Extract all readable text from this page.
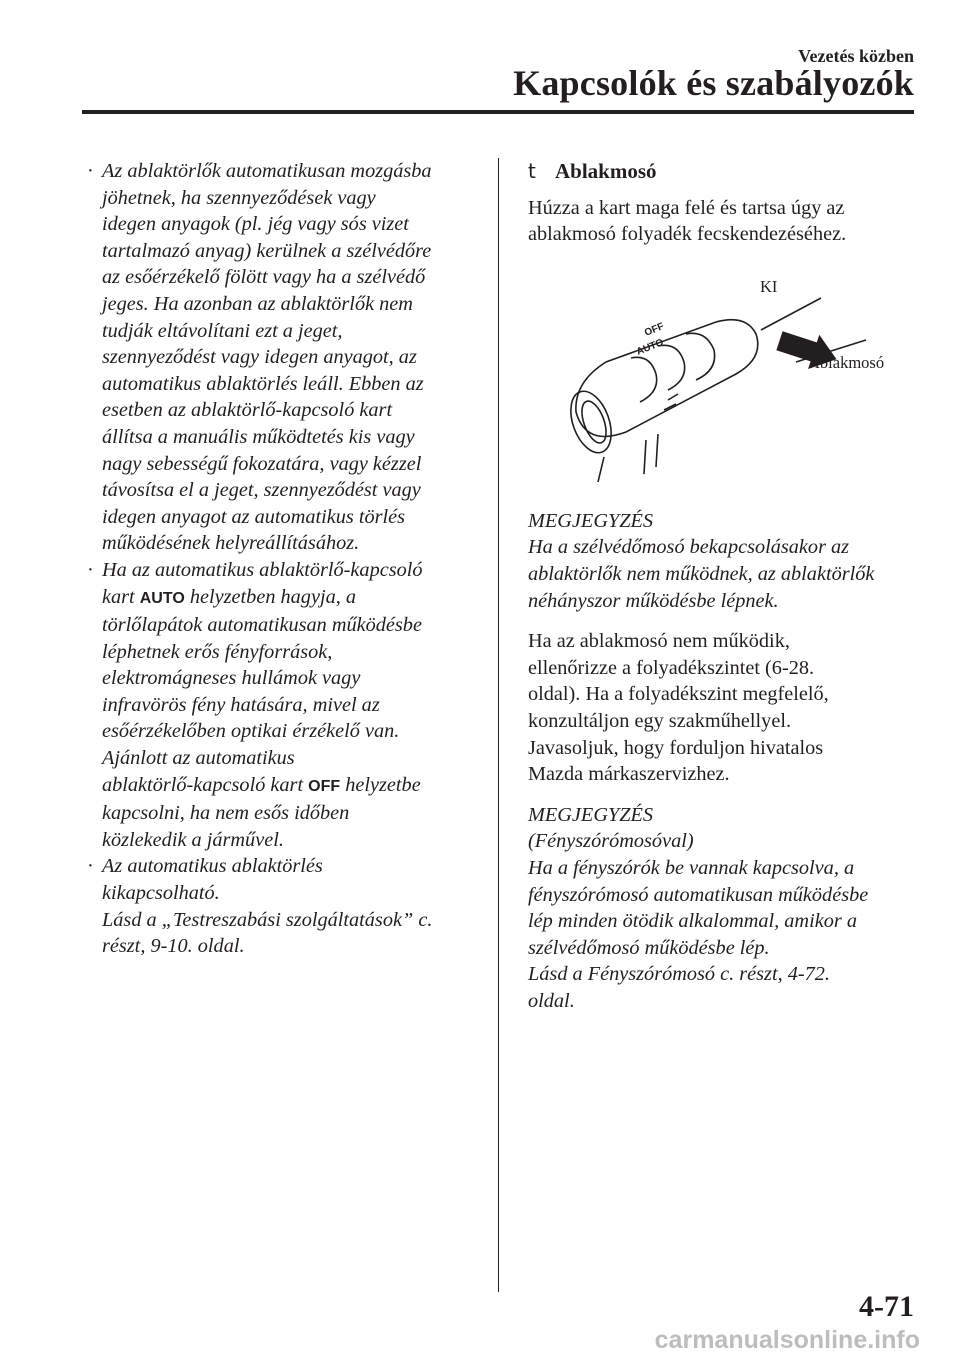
Vezetés közben
Kapcsolók és szabályozók
· Az ablaktörlők automatikusan mozgásba
jöhetnek, ha szennyeződések vagy
idegen anyagok (pl. jég vagy sós vizet
tartalmazó anyag) kerülnek a szélvédőre
az esőérzékelő fölött vagy ha a szélvédő
jeges. Ha azonban az ablaktörlők nem
tudják eltávolítani ezt a jeget,
szennyeződést vagy idegen anyagot, az
automatikus ablaktörlés leáll. Ebben az
esetben az ablaktörlő-kapcsoló kart
állítsa a manuális működtetés kis vagy
nagy sebességű fokozatára, vagy kézzel
távosítsa el a jeget, szennyeződést vagy
idegen anyagot az automatikus törlés
működésének helyreállításához.
· Ha az automatikus ablaktörlő-kapcsoló
kart AUTO helyzetben hagyja, a
törlőlapátok automatikusan működésbe
léphetnek erős fényforrások,
elektromágneses hullámok vagy
infravörös fény hatására, mivel az
esőérzékelőben optikai érzékelő van.
Ajánlott az automatikus
ablaktörlő-kapcsoló kart OFF helyzetbe
kapcsolni, ha nem esős időben
közlekedik a járművel.
· Az automatikus ablaktörlés
kikapcsolható.
Lásd a „Testreszabási szolgáltatások” c.
részt, 9-10. oldal.
t Ablakmosó
Húzza a kart maga felé és tartsa úgy az
ablakmosó folyadék fecskendezéséhez.
AUTO
OFF
KI
Ablakmosó
MEGJEGYZÉS
Ha a szélvédőmosó bekapcsolásakor az
ablaktörlők nem működnek, az ablaktörlők
néhányszor működésbe lépnek.
Ha az ablakmosó nem működik,
ellenőrizze a folyadékszintet (6-28.
oldal). Ha a folyadékszint megfelelő,
konzultáljon egy szakműhellyel.
Javasoljuk, hogy forduljon hivatalos
Mazda márkaszervizhez.
MEGJEGYZÉS
(Fényszórómosóval)
Ha a fényszórók be vannak kapcsolva, a
fényszórómosó automatikusan működésbe
lép minden ötödik alkalommal, amikor a
szélvédőmosó működésbe lép.
Lásd a Fényszórómosó c. részt, 4-72.
oldal.
4-71
carmanualsonline.info
